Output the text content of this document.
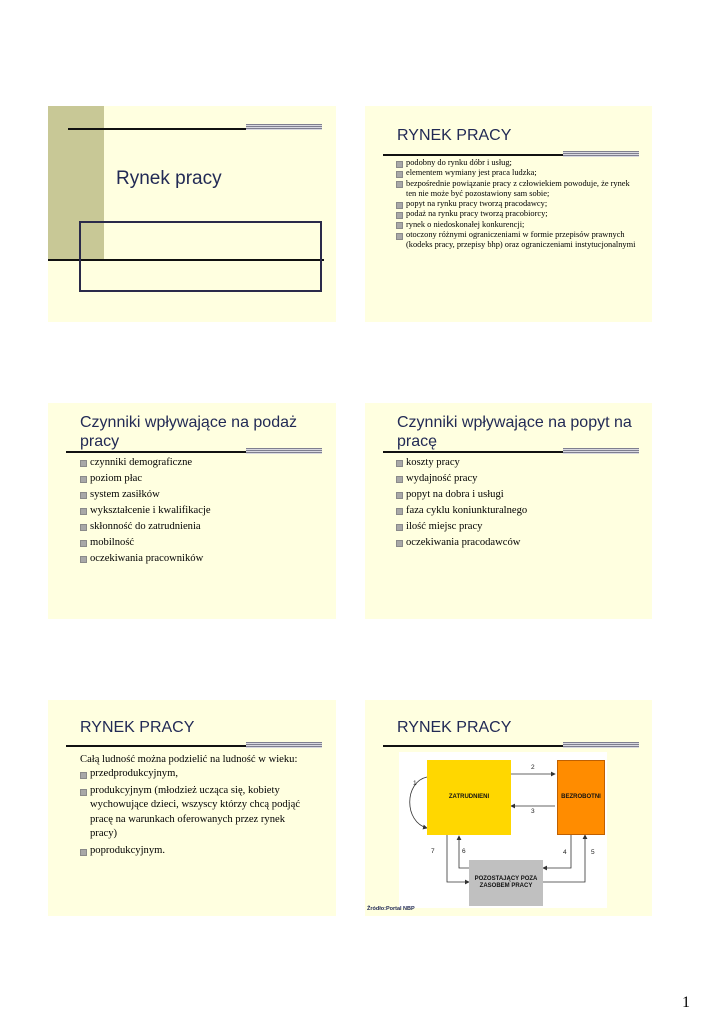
Rynek pracy
RYNEK PRACY
podobny do rynku dóbr i usług;
elementem wymiany jest praca ludzka;
bezpośrednie powiązanie pracy z człowiekiem powoduje, że rynek ten nie może być pozostawiony sam sobie;
popyt na rynku pracy tworzą pracodawcy;
podaż na rynku pracy tworzą pracobiorcy;
rynek o niedoskonałej konkurencji;
otoczony różnymi ograniczeniami w formie przepisów prawnych (kodeks pracy, przepisy bhp) oraz ograniczeniami instytucjonalnymi
Czynniki wpływające na podaż pracy
czynniki demograficzne
poziom płac
system zasiłków
wykształcenie i kwalifikacje
skłonność do zatrudnienia
mobilność
oczekiwania pracowników
Czynniki wpływające na popyt na pracę
koszty pracy
wydajność pracy
popyt na dobra i usługi
faza cyklu koniunkturalnego
ilość miejsc pracy
oczekiwania pracodawców
RYNEK PRACY
Całą ludność można podzielić na ludność w wieku:
przedprodukcyjnym,
produkcyjnym (młodzież ucząca się, kobiety wychowujące dzieci, wszyscy którzy chcą podjąć pracę na warunkach oferowanych przez rynek pracy)
poprodukcyjnym.
RYNEK PRACY
ZATRUDNIENI	BEZROBOTNI
POZOSTAJĄCY POZA ZASOBEM PRACY
1
2
3
4	5
6
7
Źródło:Portal NBP
1
